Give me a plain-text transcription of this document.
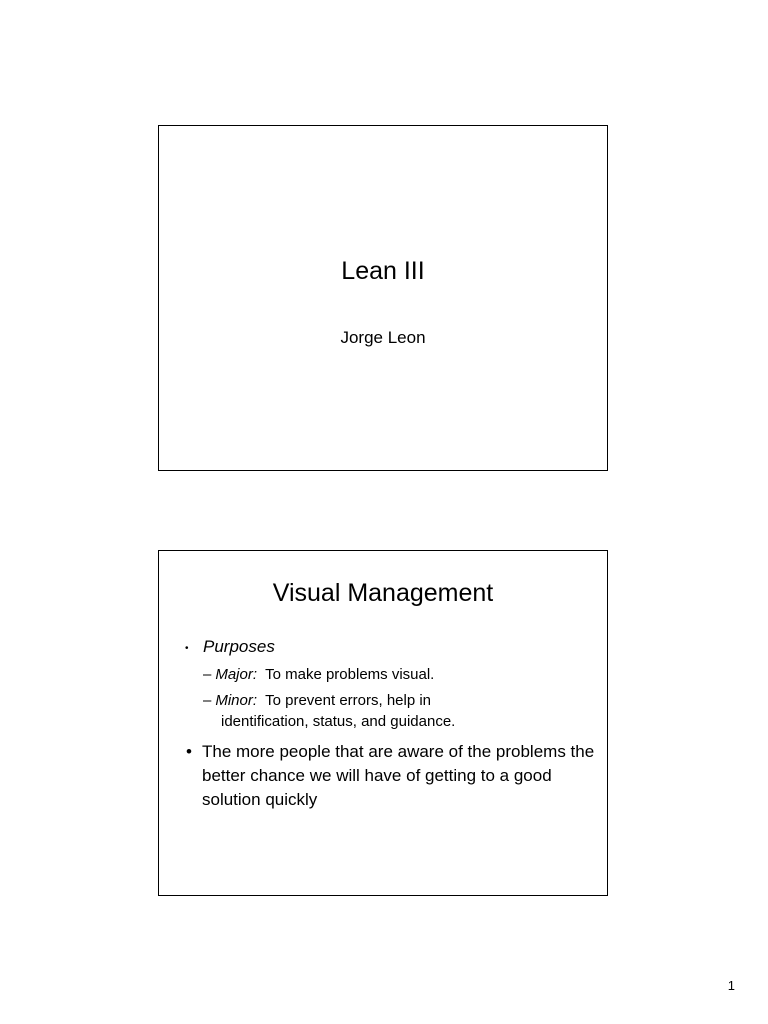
Lean III
Jorge Leon
Visual Management
• Purposes
– Major: To make problems visual.
– Minor: To prevent errors, help in
identification, status, and guidance.
• The more people that are aware of the problems the better chance we will have of getting to a good solution quickly
1
